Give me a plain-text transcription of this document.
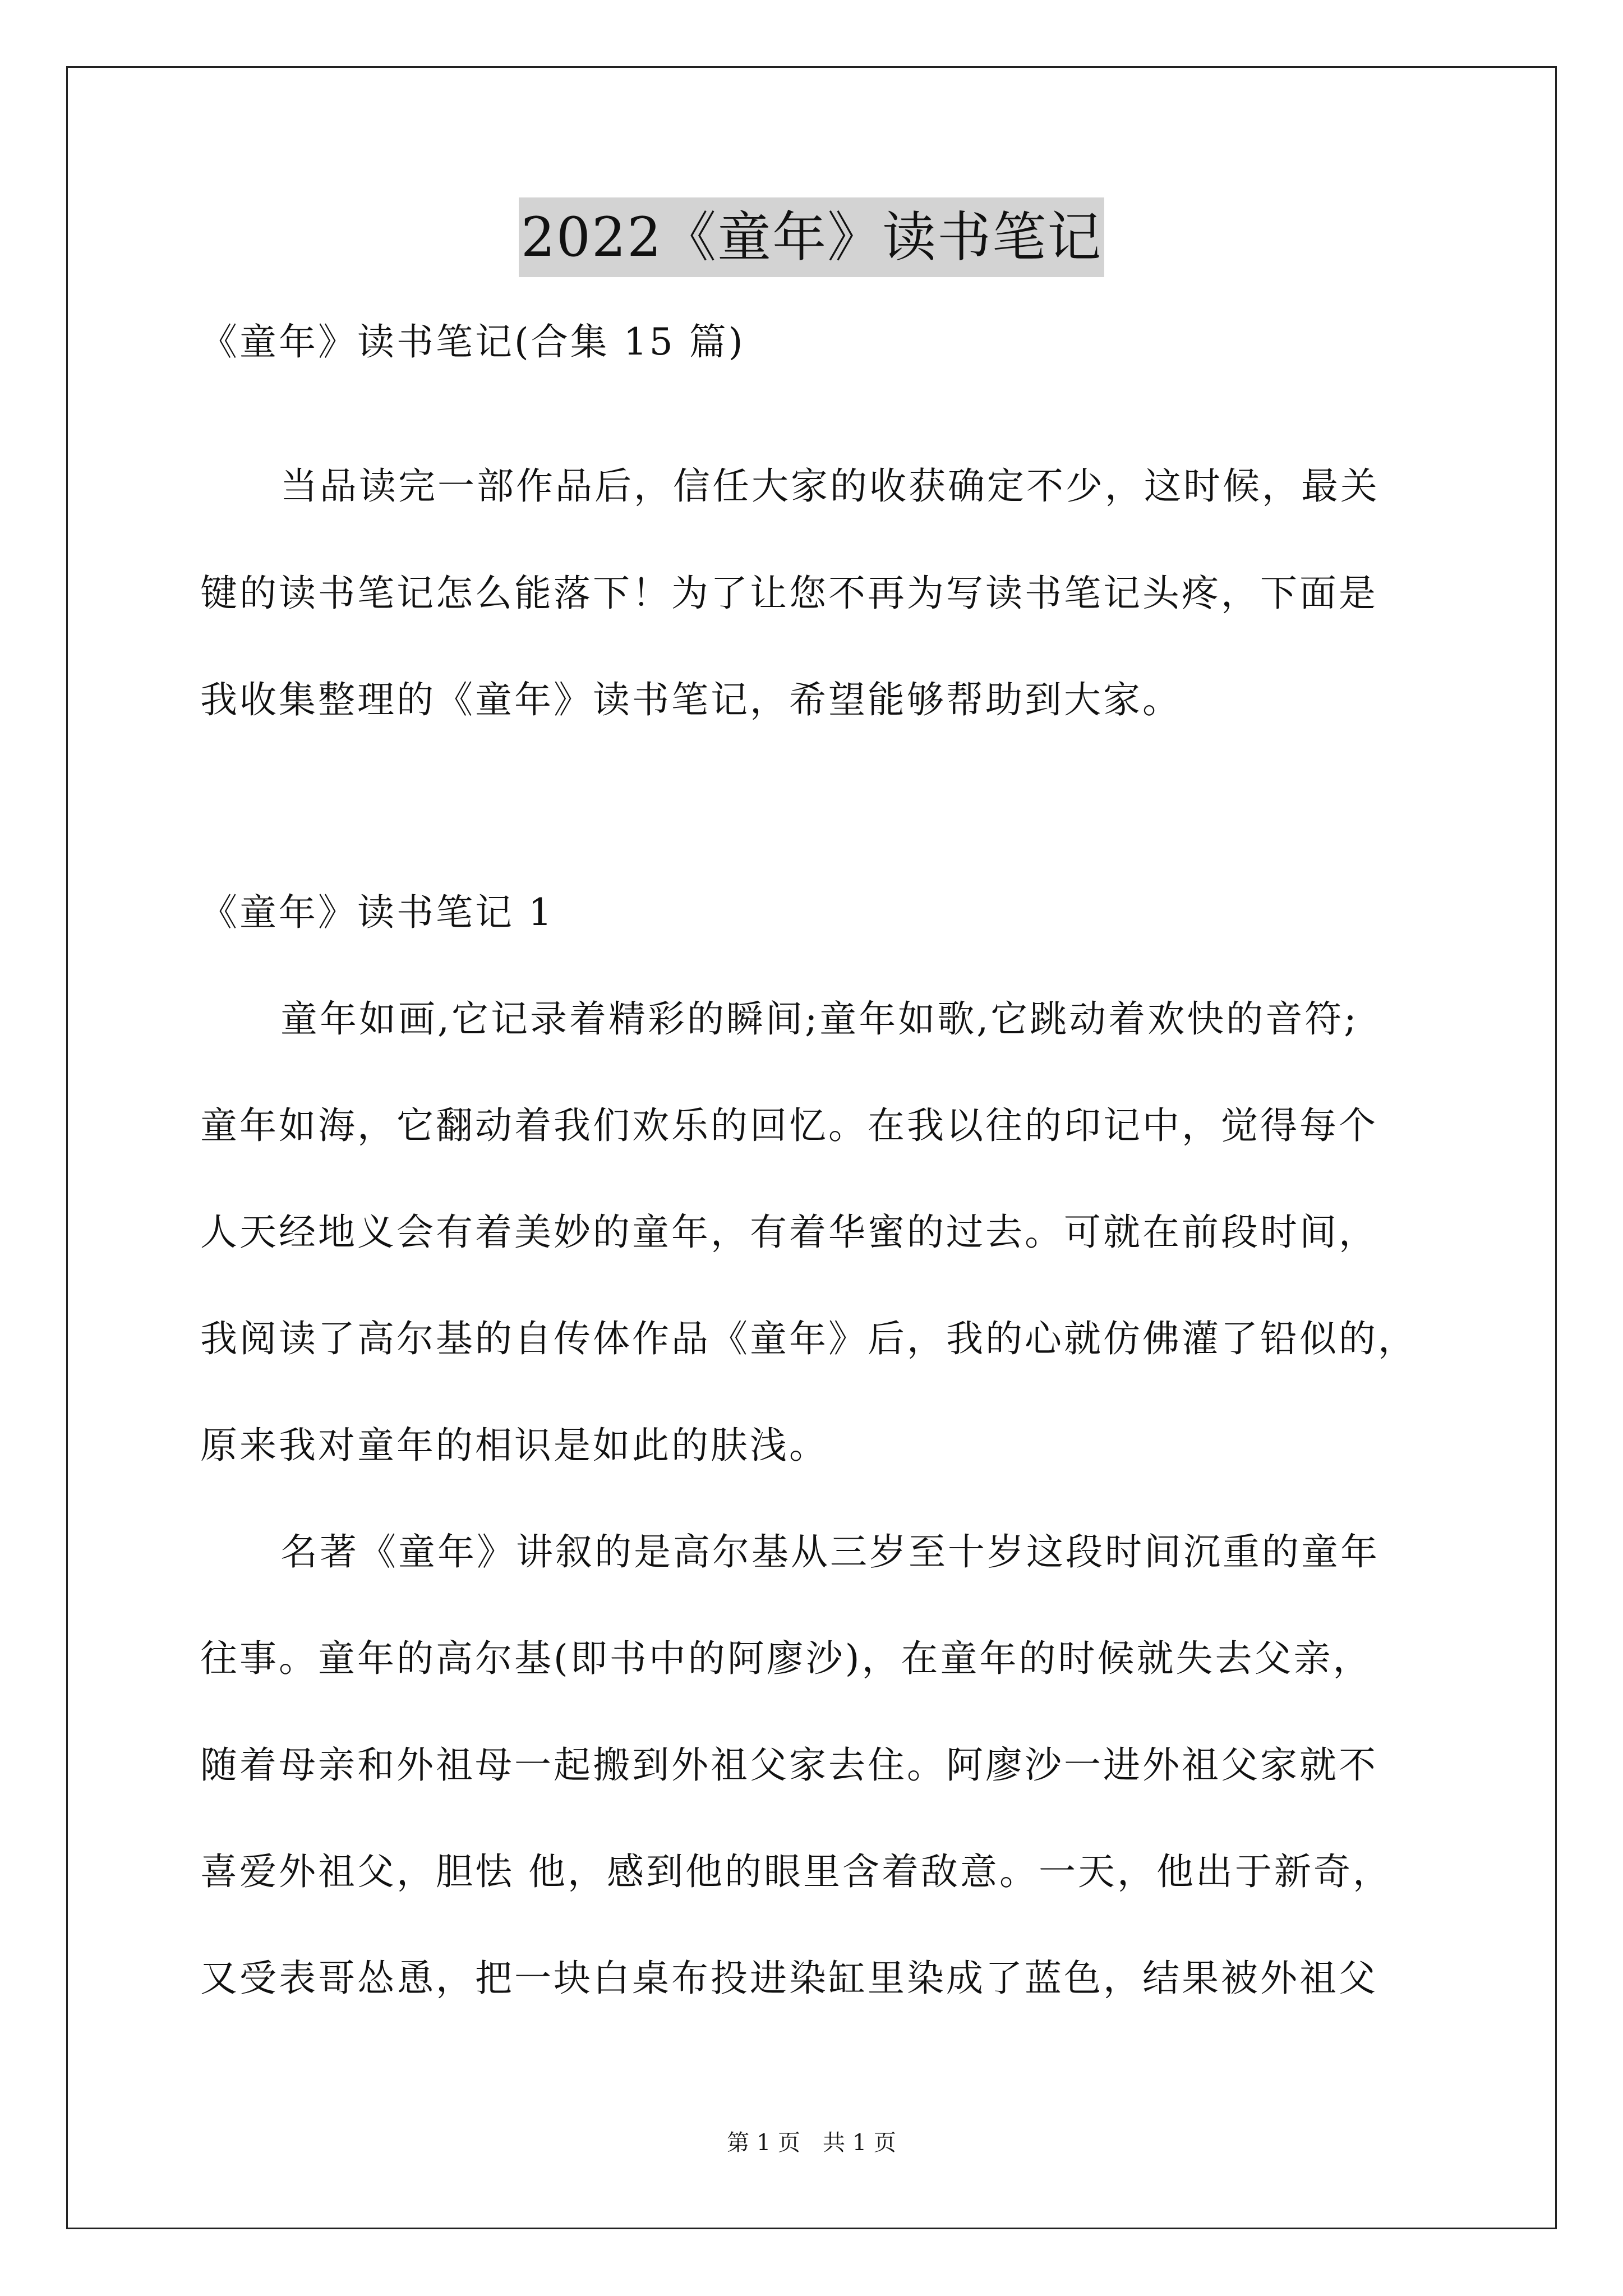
2022《童年》读书笔记
《童年》读书笔记(合集 15 篇)
当品读完一部作品后，信任大家的收获确定不少，这时候，最关
键的读书笔记怎么能落下！为了让您不再为写读书笔记头疼，下面是
我收集整理的《童年》读书笔记，希望能够帮助到大家。
《童年》读书笔记 1
童年如画,它记录着精彩的瞬间;童年如歌,它跳动着欢快的音符;
童年如海，它翻动着我们欢乐的回忆。在我以往的印记中，觉得每个
人天经地义会有着美妙的童年，有着华蜜的过去。可就在前段时间，
我阅读了高尔基的自传体作品《童年》后，我的心就仿佛灌了铅似的，
原来我对童年的相识是如此的肤浅。
名著《童年》讲叙的是高尔基从三岁至十岁这段时间沉重的童年
往事。童年的高尔基(即书中的阿廖沙)，在童年的时候就失去父亲，
随着母亲和外祖母一起搬到外祖父家去住。阿廖沙一进外祖父家就不
喜爱外祖父，胆怯 他，感到他的眼里含着敌意。一天，他出于新奇，
又受表哥怂恿，把一块白桌布投进染缸里染成了蓝色，结果被外祖父
第 1 页　共 1 页
